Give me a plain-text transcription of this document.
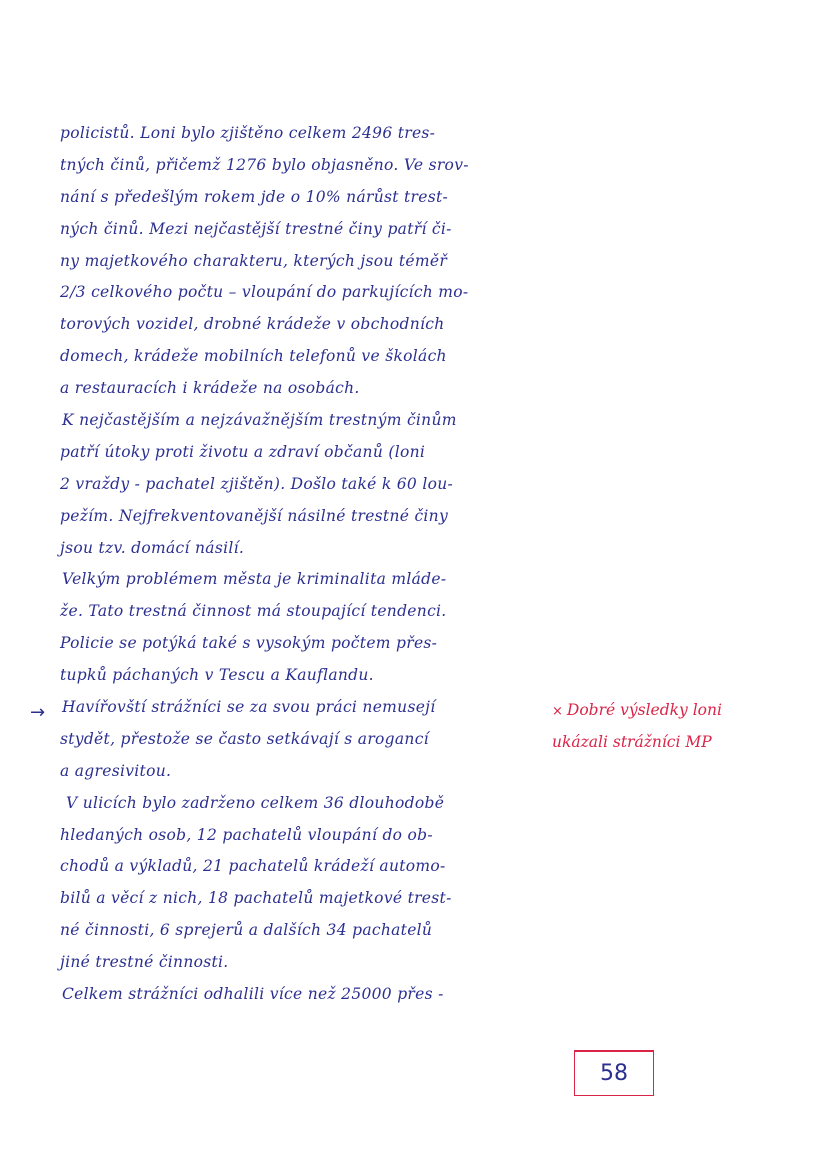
policistů. Loni bylo zjištěno celkem 2496 tres-
tných činů, přičemž 1276 bylo objasněno. Ve srov-
nání s předešlým rokem jde o 10% nárůst trest-
ných činů. Mezi nejčastější trestné činy patří či-
ny majetkového charakteru, kterých jsou téměř
2/3 celkového počtu – vloupání do parkujících mo-
torových vozidel, drobné krádeže v obchodních
domech, krádeže mobilních telefonů ve školách
a restauracích i krádeže na osobách.
K nejčastějším a nejzávažnějším trestným činům
patří útoky proti životu a zdraví občanů (loni
2 vraždy - pachatel zjištěn). Došlo také k 60 lou-
pežím. Nejfrekventovanější násilné trestné činy
jsou tzv. domácí násilí.
Velkým problémem města je kriminalita mláde-
že. Tato trestná činnost má stoupající tendenci.
Policie se potýká také s vysokým počtem přes-
tupků páchaných v Tescu a Kauflandu.
Havířovští strážníci se za svou práci nemusejí
stydět, přestože se často setkávají s arogancí
a agresivitou.
V ulicích bylo zadrženo celkem 36 dlouhodobě
hledaných osob, 12 pachatelů vloupání do ob-
chodů a výkladů, 21 pachatelů krádeží automo-
bilů a věcí z nich, 18 pachatelů majetkové trest-
né činnosti, 6 sprejerů a dalších 34 pachatelů
jiné trestné činnosti.
Celkem strážníci odhalili více než 25000 přes -
→	× Dobré výsledky loni
ukázali strážníci MP
58
